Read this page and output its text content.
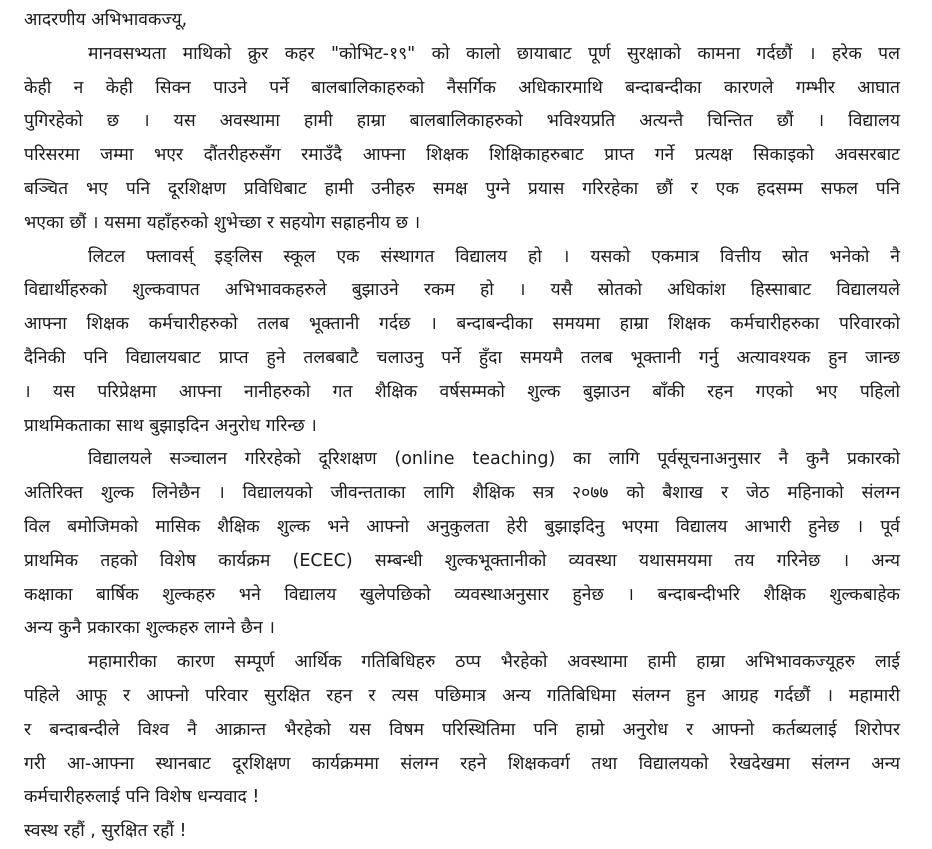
आदरणीय अभिभावकज्यू,
मानवसभ्यता माथिको क्रुर कहर "कोभिट-१९" को कालो छायाबाट पूर्ण सुरक्षाको कामना गर्दछौं । हरेक पल
केही न केही सिक्न पाउने पर्ने बालबालिकाहरुको नैसर्गिक अधिकारमाथि बन्दाबन्दीका कारणले गम्भीर आघात
पुगिरहेको छ । यस अवस्थामा हामी हाम्रा बालबालिकाहरुको भविश्यप्रति अत्यन्तै चिन्तित छौं । विद्यालय
परिसरमा जम्मा भएर दौंतरीहरुसँग रमाउँदै आफ्ना शिक्षक शिक्षिकाहरुबाट प्राप्त गर्ने प्रत्यक्ष सिकाइको अवसरबाट
बञ्चित भए पनि दूरशिक्षण प्रविधिबाट हामी उनीहरु समक्ष पुग्ने प्रयास गरिरहेका छौं र एक हदसम्म सफल पनि
भएका छौं । यसमा यहाँहरुको शुभेच्छा र सहयोग सह्राहनीय छ ।
लिटल फ्लावर्स् इङ्लिस स्कूल एक संस्थागत विद्यालय हो । यसको एकमात्र वित्तीय स्रोत भनेको नै
विद्यार्थीहरुको शुल्कवापत अभिभावकहरुले बुझाउने रकम हो । यसै स्रोतको अधिकांश हिस्साबाट विद्यालयले
आफ्ना शिक्षक कर्मचारीहरुको तलब भूक्तानी गर्दछ । बन्दाबन्दीका समयमा हाम्रा शिक्षक कर्मचारीहरुका परिवारको
दैनिकी पनि विद्यालयबाट प्राप्त हुने तलबबाटै चलाउनु पर्ने हुँदा समयमै तलब भूक्तानी गर्नु अत्यावश्यक हुन जान्छ
। यस परिप्रेक्षमा आफ्ना नानीहरुको गत शैक्षिक वर्षसम्मको शुल्क बुझाउन बाँकी रहन गएको भए पहिलो
प्राथमिकताका साथ बुझाइदिन अनुरोध गरिन्छ ।
विद्यालयले सञ्चालन गरिरहेको दूरिशक्षण (online teaching) का लागि पूर्वसूचनाअनुसार नै कुनै प्रकारको
अतिरिक्त शुल्क लिनेछैन । विद्यालयको जीवन्तताका लागि शैक्षिक सत्र २०७७ को बैशाख र जेठ महिनाको संलग्न
विल बमोजिमको मासिक शैक्षिक शुल्क भने आफ्नो अनुकुलता हेरी बुझाइदिनु भएमा विद्यालय आभारी हुनेछ । पूर्व
प्राथमिक तहको विशेष कार्यक्रम (ECEC) सम्बन्धी शुल्कभूक्तानीको व्यवस्था यथासमयमा तय गरिनेछ । अन्य
कक्षाका बार्षिक शुल्कहरु भने विद्यालय खुलेपछिको व्यवस्थाअनुसार हुनेछ । बन्दाबन्दीभरि शैक्षिक शुल्कबाहेक
अन्य कुनै प्रकारका शुल्कहरु लाग्ने छैन ।
महामारीका कारण सम्पूर्ण आर्थिक गतिबिधिहरु ठप्प भैरहेको अवस्थामा हामी हाम्रा अभिभावकज्यूहरु लाई
पहिले आफू र आफ्नो परिवार सुरक्षित रहन र त्यस पछिमात्र अन्य गतिबिधिमा संलग्न हुन आग्रह गर्दछौं । महामारी
र बन्दाबन्दीले विश्व नै आक्रान्त भैरहेको यस विषम परिस्थितिमा पनि हाम्रो अनुरोध र आफ्नो कर्तब्यलाई शिरोपर
गरी आ-आफ्ना स्थानबाट दूरशिक्षण कार्यक्रममा संलग्न रहने शिक्षकवर्ग तथा विद्यालयको रेखदेखमा संलग्न अन्य
कर्मचारीहरुलाई पनि विशेष धन्यवाद !
स्वस्थ रहौं , सुरक्षित रहौं !
